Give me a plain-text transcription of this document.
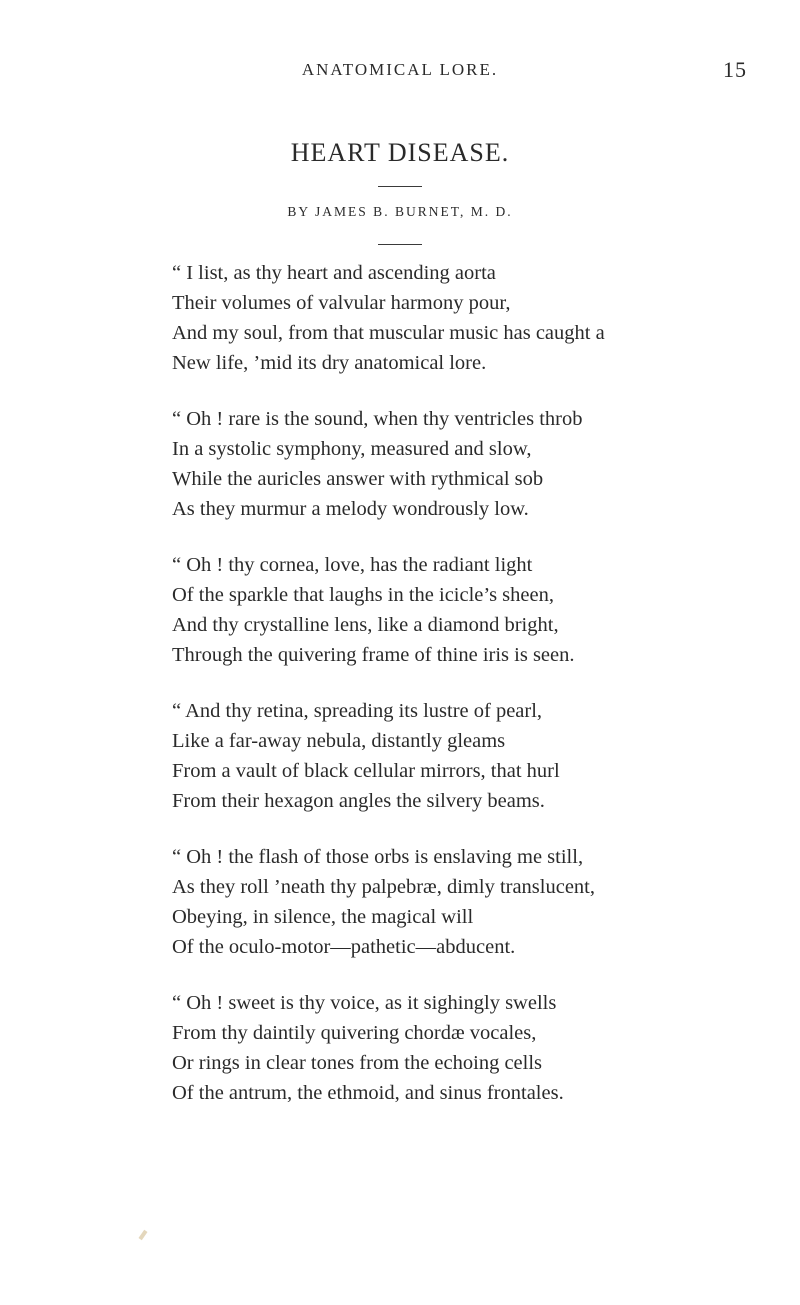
ANATOMICAL LORE.	15
HEART DISEASE.
BY JAMES B. BURNET, M. D.
“ I list, as thy heart and ascending aorta
Their volumes of valvular harmony pour,
And my soul, from that muscular music has caught a
New life, ’mid its dry anatomical lore.
“ Oh ! rare is the sound, when thy ventricles throb
In a systolic symphony, measured and slow,
While the auricles answer with rythmical sob
As they murmur a melody wondrously low.
“ Oh ! thy cornea, love, has the radiant light
Of the sparkle that laughs in the icicle’s sheen,
And thy crystalline lens, like a diamond bright,
Through the quivering frame of thine iris is seen.
“ And thy retina, spreading its lustre of pearl,
Like a far-away nebula, distantly gleams
From a vault of black cellular mirrors, that hurl
From their hexagon angles the silvery beams.
“ Oh ! the flash of those orbs is enslaving me still,
As they roll ’neath thy palpebræ, dimly translucent,
Obeying, in silence, the magical will
Of the oculo-motor—pathetic—abducent.
“ Oh ! sweet is thy voice, as it sighingly swells
From thy daintily quivering chordæ vocales,
Or rings in clear tones from the echoing cells
Of the antrum, the ethmoid, and sinus frontales.
